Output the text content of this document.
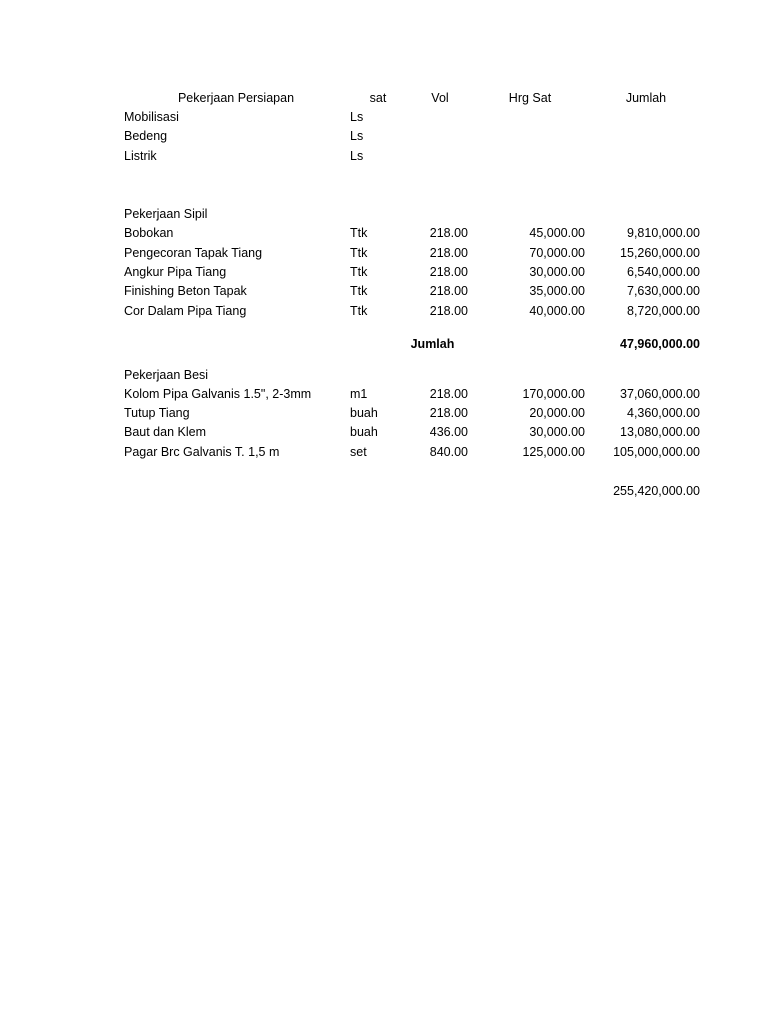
Pekerjaan Persiapan	sat	Vol	Hrg Sat	Jumlah
Mobilisasi	Ls
Bedeng	Ls
Listrik	Ls
Pekerjaan Sipil
Bobokan	Ttk	218.00	45,000.00	9,810,000.00
Pengecoran Tapak Tiang	Ttk	218.00	70,000.00	15,260,000.00
Angkur Pipa Tiang	Ttk	218.00	30,000.00	6,540,000.00
Finishing Beton Tapak	Ttk	218.00	35,000.00	7,630,000.00
Cor Dalam Pipa Tiang	Ttk	218.00	40,000.00	8,720,000.00
Jumlah	47,960,000.00
Pekerjaan Besi
Kolom Pipa Galvanis 1.5", 2-3mm	m1	218.00	170,000.00	37,060,000.00
Tutup Tiang	buah	218.00	20,000.00	4,360,000.00
Baut dan Klem	buah	436.00	30,000.00	13,080,000.00
Pagar Brc Galvanis T. 1,5 m	set	840.00	125,000.00	105,000,000.00
255,420,000.00
